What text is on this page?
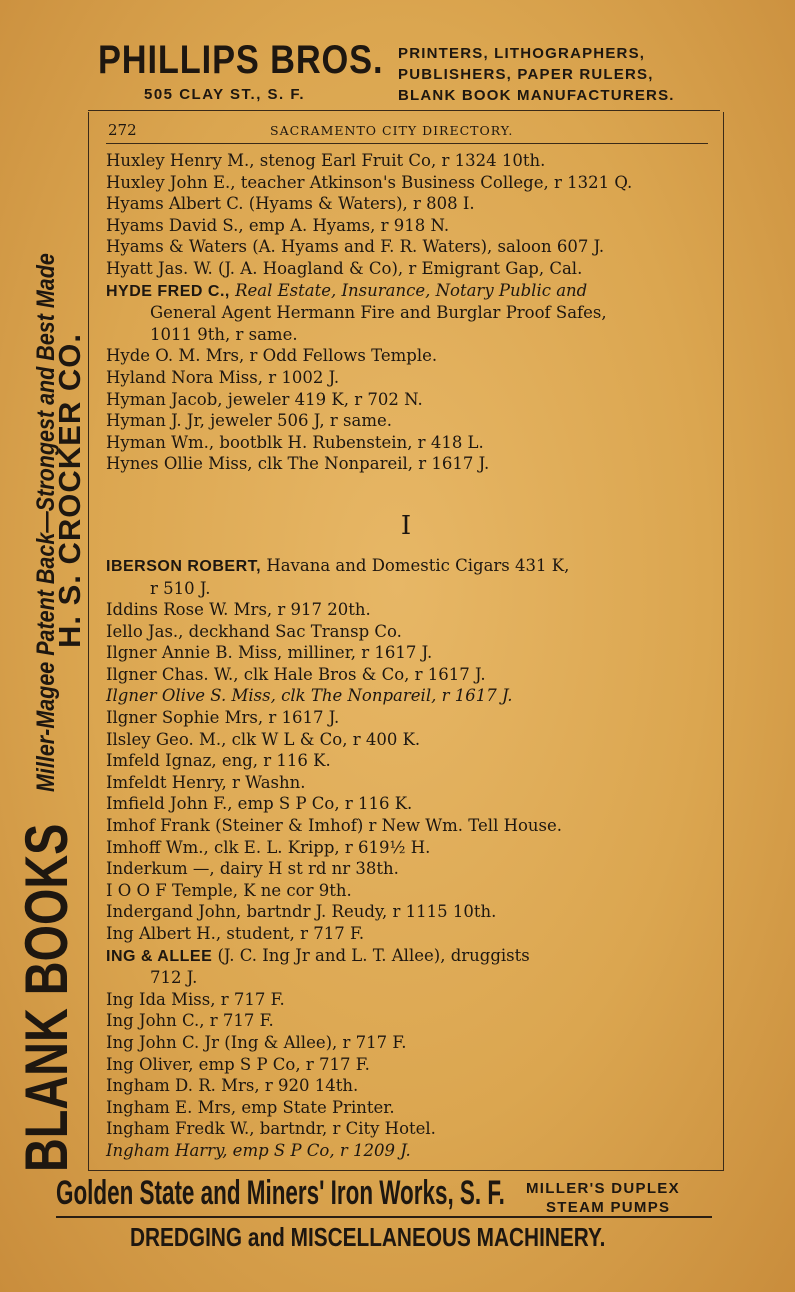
PHILLIPS BROS.
505 CLAY ST., S. F.
PRINTERS, LITHOGRAPHERS,
PUBLISHERS, PAPER RULERS,
BLANK BOOK MANUFACTURERS.
272	SACRAMENTO CITY DIRECTORY.
Huxley Henry M., stenog Earl Fruit Co, r 1324 10th.
Huxley John E., teacher Atkinson's Business College, r 1321 Q.
Hyams Albert C. (Hyams & Waters), r 808 I.
Hyams David S., emp A. Hyams, r 918 N.
Hyams & Waters (A. Hyams and F. R. Waters), saloon 607 J.
Hyatt Jas. W. (J. A. Hoagland & Co), r Emigrant Gap, Cal.
HYDE FRED C., Real Estate, Insurance, Notary Public and
General Agent Hermann Fire and Burglar Proof Safes,
1011 9th, r same.
Hyde O. M. Mrs, r Odd Fellows Temple.
Hyland Nora Miss, r 1002 J.
Hyman Jacob, jeweler 419 K, r 702 N.
Hyman J. Jr, jeweler 506 J, r same.
Hyman Wm., bootblk H. Rubenstein, r 418 L.
Hynes Ollie Miss, clk The Nonpareil, r 1617 J.
I
IBERSON ROBERT, Havana and Domestic Cigars 431 K,
r 510 J.
Iddins Rose W. Mrs, r 917 20th.
Iello Jas., deckhand Sac Transp Co.
Ilgner Annie B. Miss, milliner, r 1617 J.
Ilgner Chas. W., clk Hale Bros & Co, r 1617 J.
Ilgner Olive S. Miss, clk The Nonpareil, r 1617 J.
Ilgner Sophie Mrs, r 1617 J.
Ilsley Geo. M., clk W L & Co, r 400 K.
Imfeld Ignaz, eng, r 116 K.
Imfeldt Henry, r Washn.
Imfield John F., emp S P Co, r 116 K.
Imhof Frank (Steiner & Imhof) r New Wm. Tell House.
Imhoff Wm., clk E. L. Kripp, r 619½ H.
Inderkum —, dairy H st rd nr 38th.
I O O F Temple, K ne cor 9th.
Indergand John, bartndr J. Reudy, r 1115 10th.
Ing Albert H., student, r 717 F.
ING & ALLEE (J. C. Ing Jr and L. T. Allee), druggists
712 J.
Ing Ida Miss, r 717 F.
Ing John C., r 717 F.
Ing John C. Jr (Ing & Allee), r 717 F.
Ing Oliver, emp S P Co, r 717 F.
Ingham D. R. Mrs, r 920 14th.
Ingham E. Mrs, emp State Printer.
Ingham Fredk W., bartndr, r City Hotel.
Ingham Harry, emp S P Co, r 1209 J.
BLANK BOOKS Miller-Magee Patent Back—Strongest and Best Made
H. S. CROCKER CO.
Golden State and Miners' Iron Works, S. F. MILLER'S DUPLEX
STEAM PUMPS
DREDGING and MISCELLANEOUS MACHINERY.
